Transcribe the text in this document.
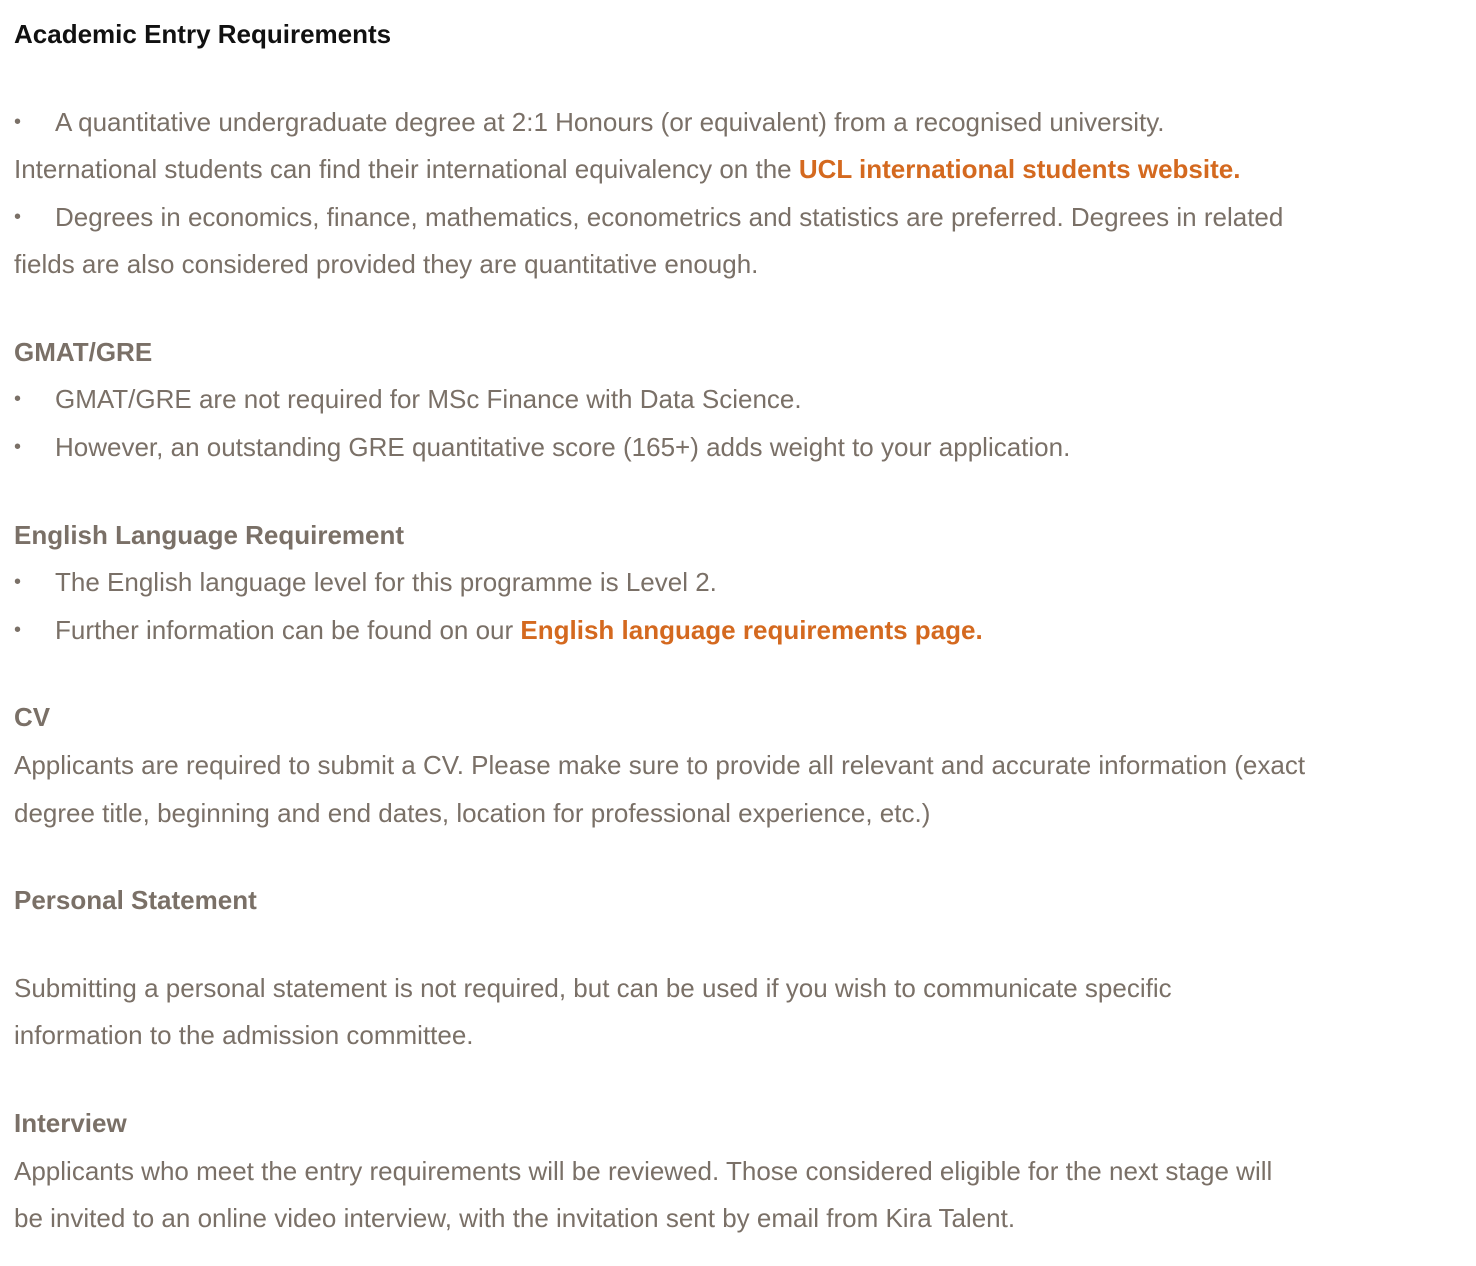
Academic Entry Requirements

• A quantitative undergraduate degree at 2:1 Honours (or equivalent) from a recognised university.

International students can find their international equivalency on the UCL international students website.

• Degrees in economics, finance, mathematics, econometrics and statistics are preferred. Degrees in related

fields are also considered provided they are quantitative enough.

GMAT/GRE

• GMAT/GRE are not required for MSc Finance with Data Science.

• However, an outstanding GRE quantitative score (165+) adds weight to your application.

English Language Requirement

• The English language level for this programme is Level 2.

• Further information can be found on our English language requirements page.

CV

Applicants are required to submit a CV. Please make sure to provide all relevant and accurate information (exact

degree title, beginning and end dates, location for professional experience, etc.)

Personal Statement

Submitting a personal statement is not required, but can be used if you wish to communicate specific

information to the admission committee.

Interview

Applicants who meet the entry requirements will be reviewed. Those considered eligible for the next stage will

be invited to an online video interview, with the invitation sent by email from Kira Talent.
